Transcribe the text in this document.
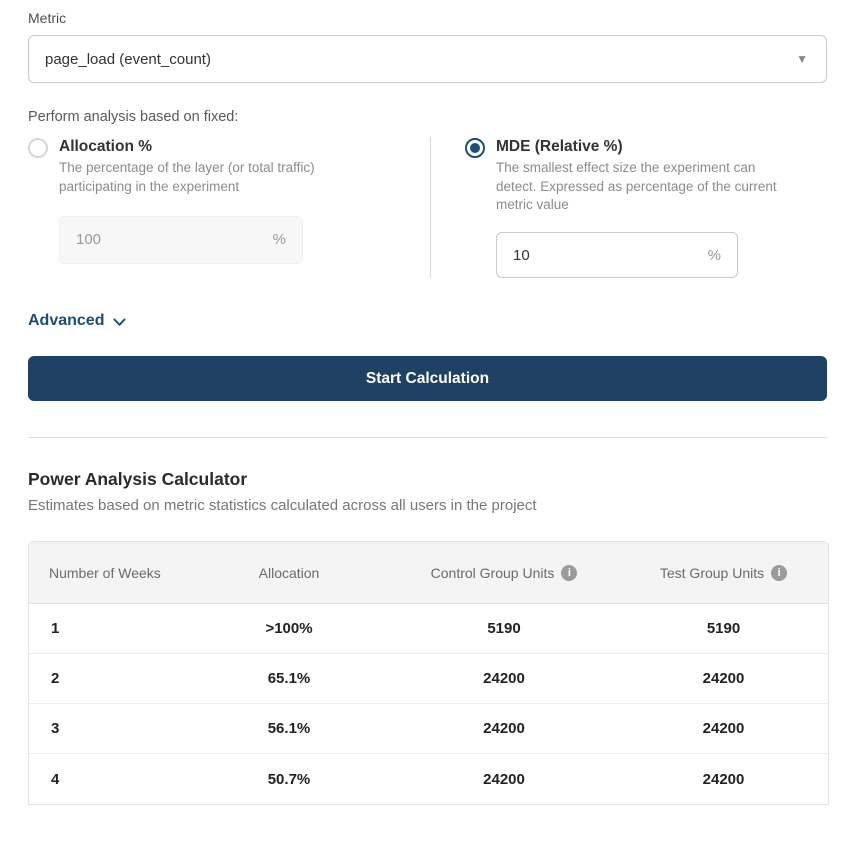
Metric
page_load (event_count)	▼
Perform analysis based on fixed:
Allocation %
The percentage of the layer (or total traffic) participating in the experiment
100
%
MDE (Relative %)
The smallest effect size the experiment can detect. Expressed as percentage of the current metric value
10
%
Advanced
Start Calculation
Power Analysis Calculator
Estimates based on metric statistics calculated across all users in the project
Number of Weeks	Allocation	Control Group Units i	Test Group Units i

1	>100%	5190	5190
2	65.1%	24200	24200
3	56.1%	24200	24200
4	50.7%	24200	24200
